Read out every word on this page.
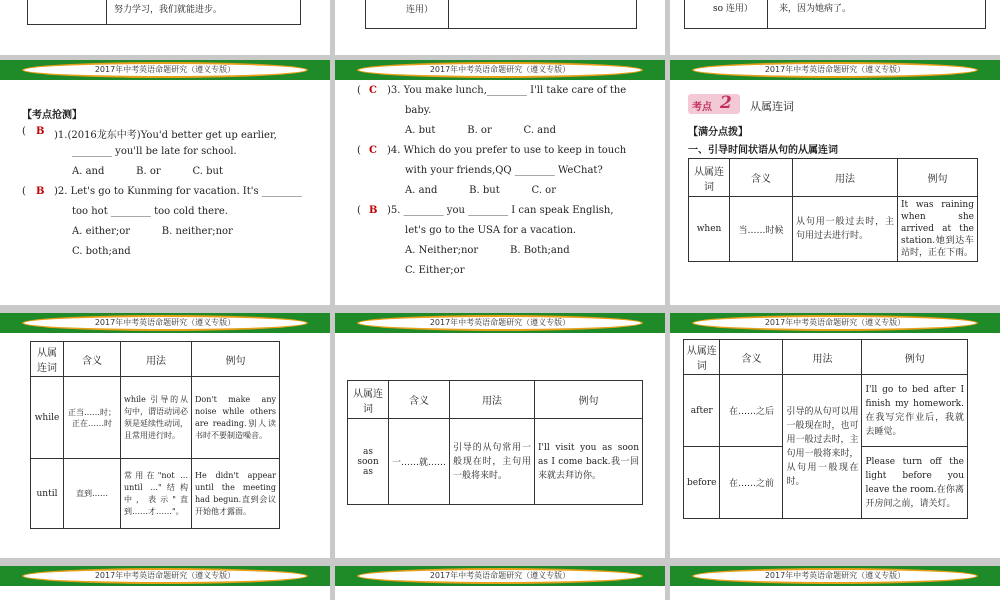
努力学习，我们就能进步。	连用）	so 连用）	来，因为她病了。
2017年中考英语命题研究（遵义专版）
【考点抢测】
( B )1.(2016龙东中考)You'd better get up earlier,
________ you'll be late for school.
A. and          B. or          C. but
( B )2. Let's go to Kunming for vacation. It's ________
too hot ________ too cold there.
A. either;or          B. neither;nor
C. both;and
2017年中考英语命题研究（遵义专版）
( C )3. You make lunch,________ I'll take care of the
baby.
A. but          B. or          C. and
( C )4. Which do you prefer to use to keep in touch
with your friends,QQ ________ WeChat?
A. and          B. but          C. or
( B )5. ________ you ________ I can speak English,
let's go to the USA for a vacation.
A. Neither;nor          B. Both;and
C. Either;or
2017年中考英语命题研究（遵义专版）
考点 2 从属连词
【满分点拨】
一、引导时间状语从句的从属连词
从属连词	含义	用法	例句
when	当……时候	从句用一般过去时，主句用过去进行时。	It was raining when she arrived at the station.她到达车站时，正在下雨。
2017年中考英语命题研究（遵义专版）
从属连词	含义	用法	例句
while	正当……时；正在……时	while 引导的从句中，谓语动词必须是延续性动词，且常用进行时。	Don't make any noise while others are reading.别人读书时不要制造噪音。
until	直到……	常用在"not ... until ..."结构中，表示"直到……才……"。	He didn't appear until the meeting had begun.直到会议开始他才露面。
2017年中考英语命题研究（遵义专版）
从属连词	含义	用法	例句
as soon as	一……就……	引导的从句常用一般现在时，主句用一般将来时。	I'll visit you as soon as I come back.我一回来就去拜访你。
2017年中考英语命题研究（遵义专版）
从属连词	含义	用法	例句
after	在……之后	引导的从句可以用一般现在时，也可用一般过去时，主句用一般将来时，从句用一般现在时。	I'll go to bed after I finish my homework.在我写完作业后，我就去睡觉。
before	在……之前		Please turn off the light before you leave the room.在你离开房间之前，请关灯。
2017年中考英语命题研究（遵义专版）	2017年中考英语命题研究（遵义专版）	2017年中考英语命题研究（遵义专版）
